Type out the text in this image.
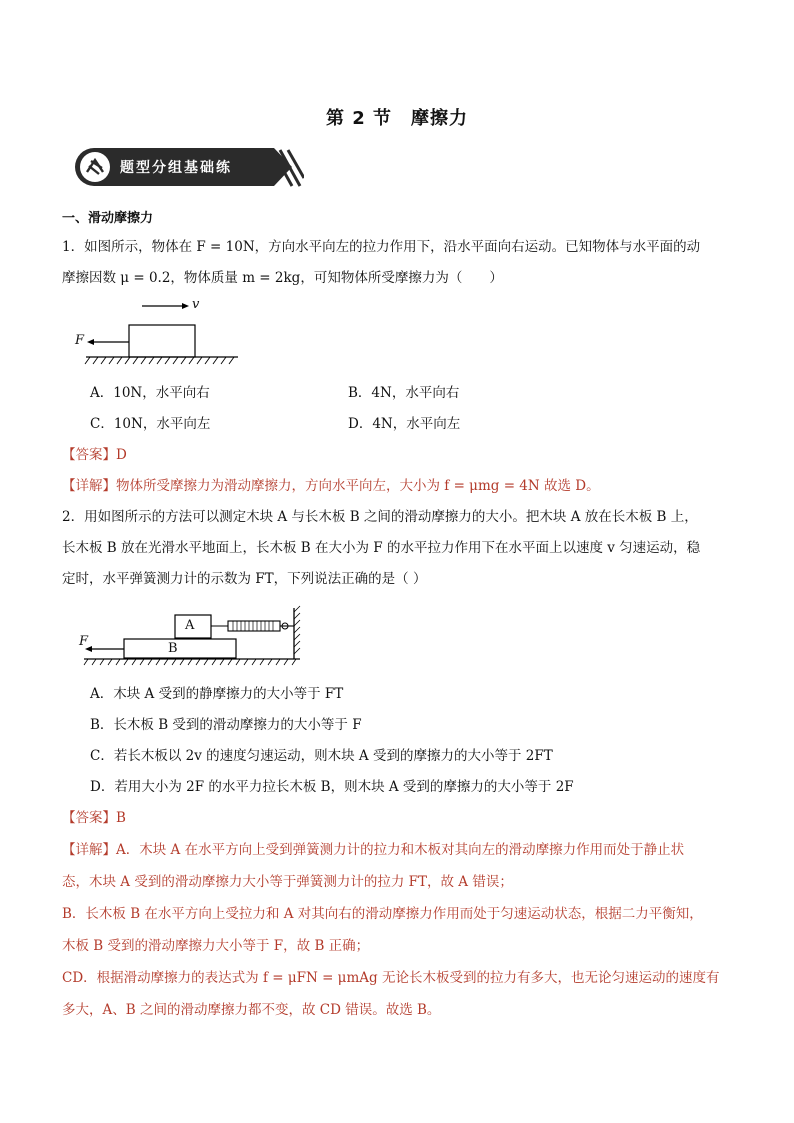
第 2 节　摩擦力
题型分组基础练
一、滑动摩擦力
1．如图所示，物体在 F = 10N，方向水平向左的拉力作用下，沿水平面向右运动。已知物体与水平面的动
摩擦因数 μ = 0.2，物体质量 m = 2kg，可知物体所受摩擦力为（　　）
F
v
A．10N，水平向右	B．4N，水平向右
C．10N，水平向左	D．4N，水平向左
【答案】D
【详解】物体所受摩擦力为滑动摩擦力，方向水平向左，大小为 f = μmg = 4N 故选 D。
2．用如图所示的方法可以测定木块 A 与长木板 B 之间的滑动摩擦力的大小。把木块 A 放在长木板 B 上，
长木板 B 放在光滑水平地面上，长木板 B 在大小为 F 的水平拉力作用下在水平面上以速度 v 匀速运动，稳
定时，水平弹簧测力计的示数为 FT，下列说法正确的是（ ）
A
B
F
A．木块 A 受到的静摩擦力的大小等于 FT
B．长木板 B 受到的滑动摩擦力的大小等于 F
C．若长木板以 2v 的速度匀速运动，则木块 A 受到的摩擦力的大小等于 2FT
D．若用大小为 2F 的水平力拉长木板 B，则木块 A 受到的摩擦力的大小等于 2F
【答案】B
【详解】A．木块 A 在水平方向上受到弹簧测力计的拉力和木板对其向左的滑动摩擦力作用而处于静止状
态，木块 A 受到的滑动摩擦力大小等于弹簧测力计的拉力 FT，故 A 错误；
B．长木板 B 在水平方向上受拉力和 A 对其向右的滑动摩擦力作用而处于匀速运动状态，根据二力平衡知，
木板 B 受到的滑动摩擦力大小等于 F，故 B 正确；
CD．根据滑动摩擦力的表达式为 f = μFN = μmAg 无论长木板受到的拉力有多大，也无论匀速运动的速度有
多大，A、B 之间的滑动摩擦力都不变，故 CD 错误。故选 B。
